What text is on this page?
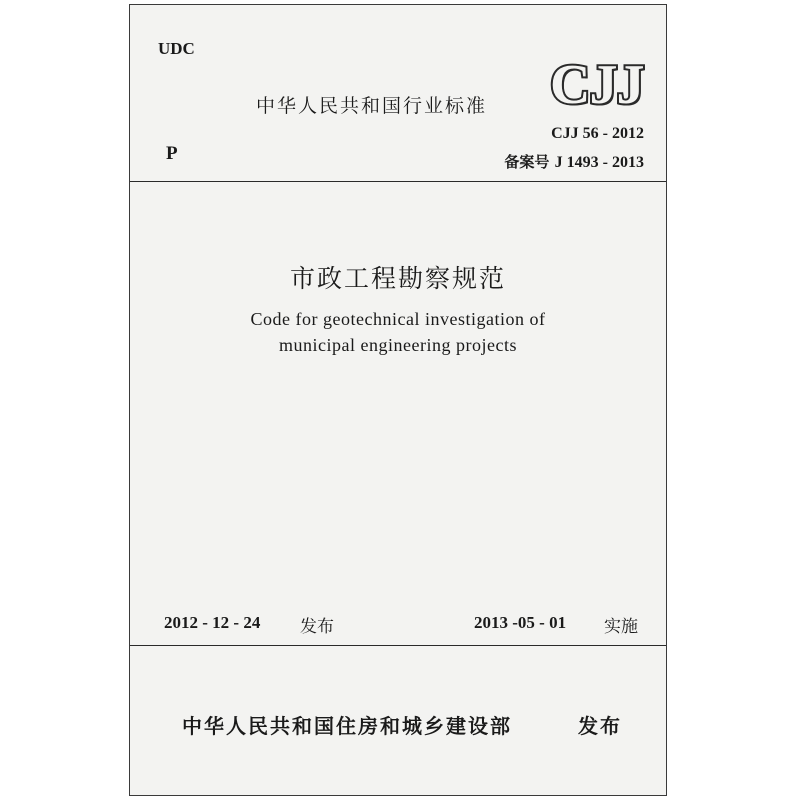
UDC
中华人民共和国行业标准 CJJ
P
CJJ 56 - 2012
备案号 J 1493 - 2013
市政工程勘察规范
Code for geotechnical investigation of
municipal engineering projects
2012 - 12 - 24 发布	2013 -05 - 01 实施
中华人民共和国住房和城乡建设部	发布
